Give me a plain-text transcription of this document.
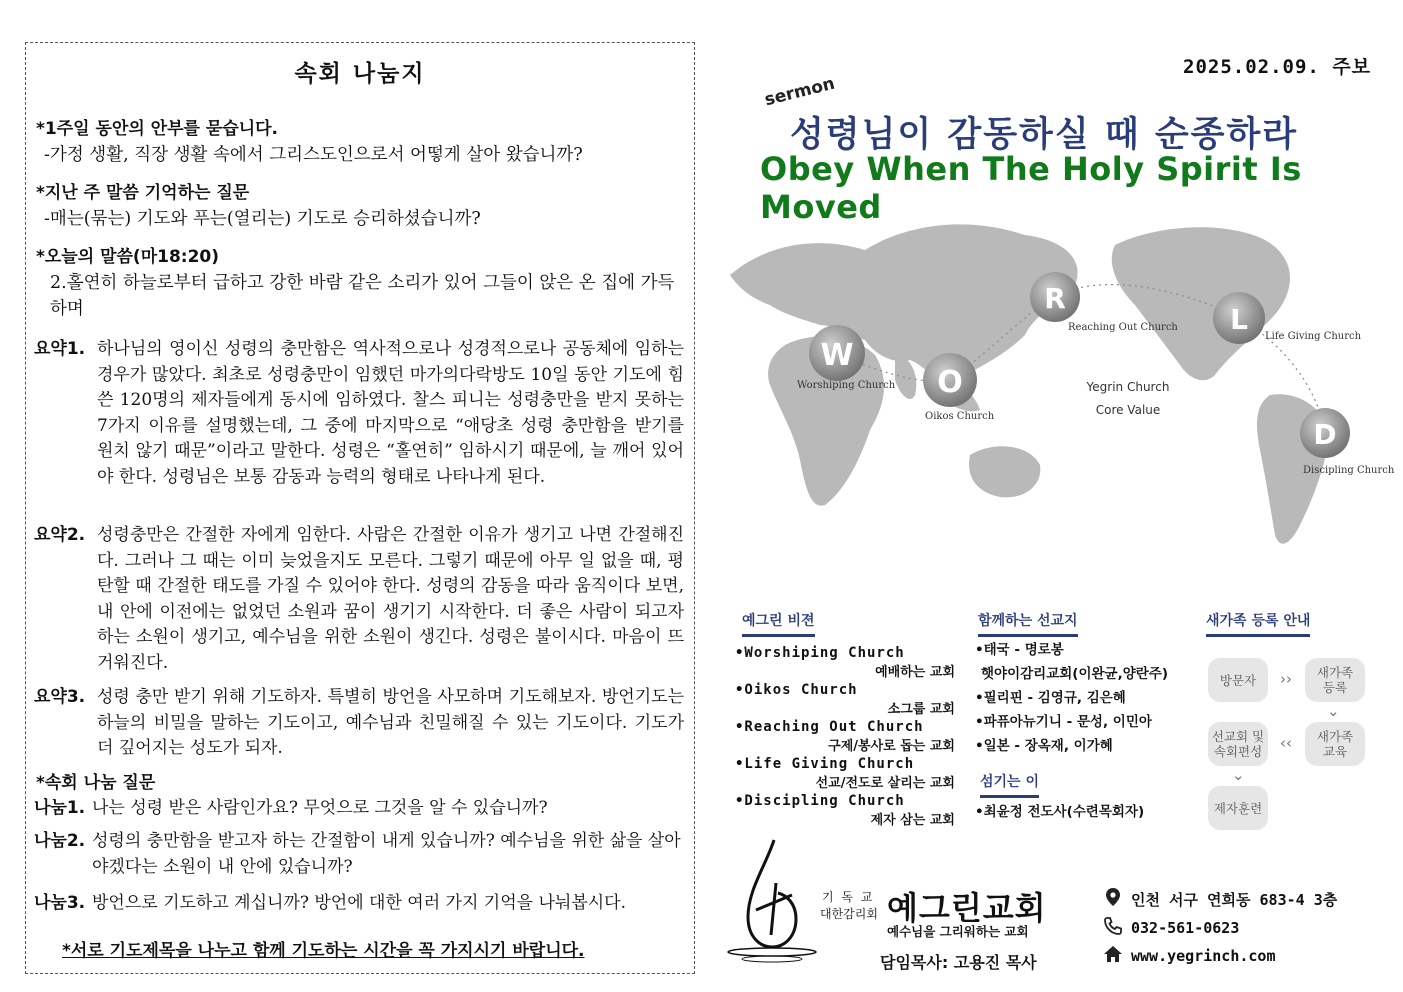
속회 나눔지
*1주일 동안의 안부를 묻습니다.
-가정 생활, 직장 생활 속에서 그리스도인으로서 어떻게 살아 왔습니까?
*지난 주 말씀 기억하는 질문
-매는(묶는) 기도와 푸는(열리는) 기도로 승리하셨습니까?
*오늘의 말씀(마18:20)
2.홀연히 하늘로부터 급하고 강한 바람 같은 소리가 있어 그들이 앉은 온 집에 가득하며
요약1. 하나님의 영이신 성령의 충만함은 역사적으로나 성경적으로나 공동체에 임하는 경우가 많았다. 최초로 성령충만이 임했던 마가의다락방도 10일 동안 기도에 힘쓴 120명의 제자들에게 동시에 임하였다. 찰스 피니는 성령충만을 받지 못하는 7가지 이유를 설명했는데, 그 중에 마지막으로 “애당초 성령 충만함을 받기를 원치 않기 때문”이라고 말한다. 성령은 “홀연히” 임하시기 때문에, 늘 깨어 있어야 한다. 성령님은 보통 감동과 능력의 형태로 나타나게 된다.
요약2. 성령충만은 간절한 자에게 임한다. 사람은 간절한 이유가 생기고 나면 간절해진다. 그러나 그 때는 이미 늦었을지도 모른다. 그렇기 때문에 아무 일 없을 때, 평탄할 때 간절한 태도를 가질 수 있어야 한다. 성령의 감동을 따라 움직이다 보면, 내 안에 이전에는 없었던 소원과 꿈이 생기기 시작한다. 더 좋은 사람이 되고자 하는 소원이 생기고, 예수님을 위한 소원이 생긴다. 성령은 불이시다. 마음이 뜨거워진다.
요약3. 성령 충만 받기 위해 기도하자. 특별히 방언을 사모하며 기도해보자. 방언기도는 하늘의 비밀을 말하는 기도이고, 예수님과 친밀해질 수 있는 기도이다. 기도가 더 깊어지는 성도가 되자.
*속회 나눔 질문
나눔1. 나는 성령 받은 사람인가요? 무엇으로 그것을 알 수 있습니까?
나눔2. 성령의 충만함을 받고자 하는 간절함이 내게 있습니까? 예수님을 위한 삶을 살아야겠다는 소원이 내 안에 있습니까?
나눔3. 방언으로 기도하고 계십니까? 방언에 대한 여러 가지 기억을 나눠봅시다.
*서로 기도제목을 나누고 함께 기도하는 시간을 꼭 가지시기 바랍니다.
2025.02.09. 주보
sermon
성령님이 감동하실 때 순종하라
Obey When The Holy Spirit Is Moved
W
Worshiping Church O
Oikos Church
R
Reaching Out Church L
Life Giving Church
D
Discipling Church
Yegrin Church
Core Value
예그린 비젼
•Worshiping Church
예배하는 교회
•Oikos Church
소그룹 교회
•Reaching Out Church
구제/봉사로 돕는 교회
•Life Giving Church
선교/전도로 살리는 교회
•Discipling Church
제자 삼는 교회
함께하는 선교지
•태국 - 명로봉
햇야이감리교회(이완균,양란주)
•필리핀 - 김영규, 김은혜
•파퓨아뉴기니 - 문성, 이민아
•일본 - 장옥재, 이가혜
섬기는 이
•최윤정 전도사(수련목회자)
새가족 등록 안내
방문자	››	새가족
등록
⌄
새가족
교육
‹‹
선교회 및
속회편성
⌄
제자훈련
기 독 교
대한감리회 예그린교회
예수님을 그리워하는 교회
담임목사: 고용진 목사
인천 서구 연희동 683-4 3층
032-561-0623
www.yegrinch.com
